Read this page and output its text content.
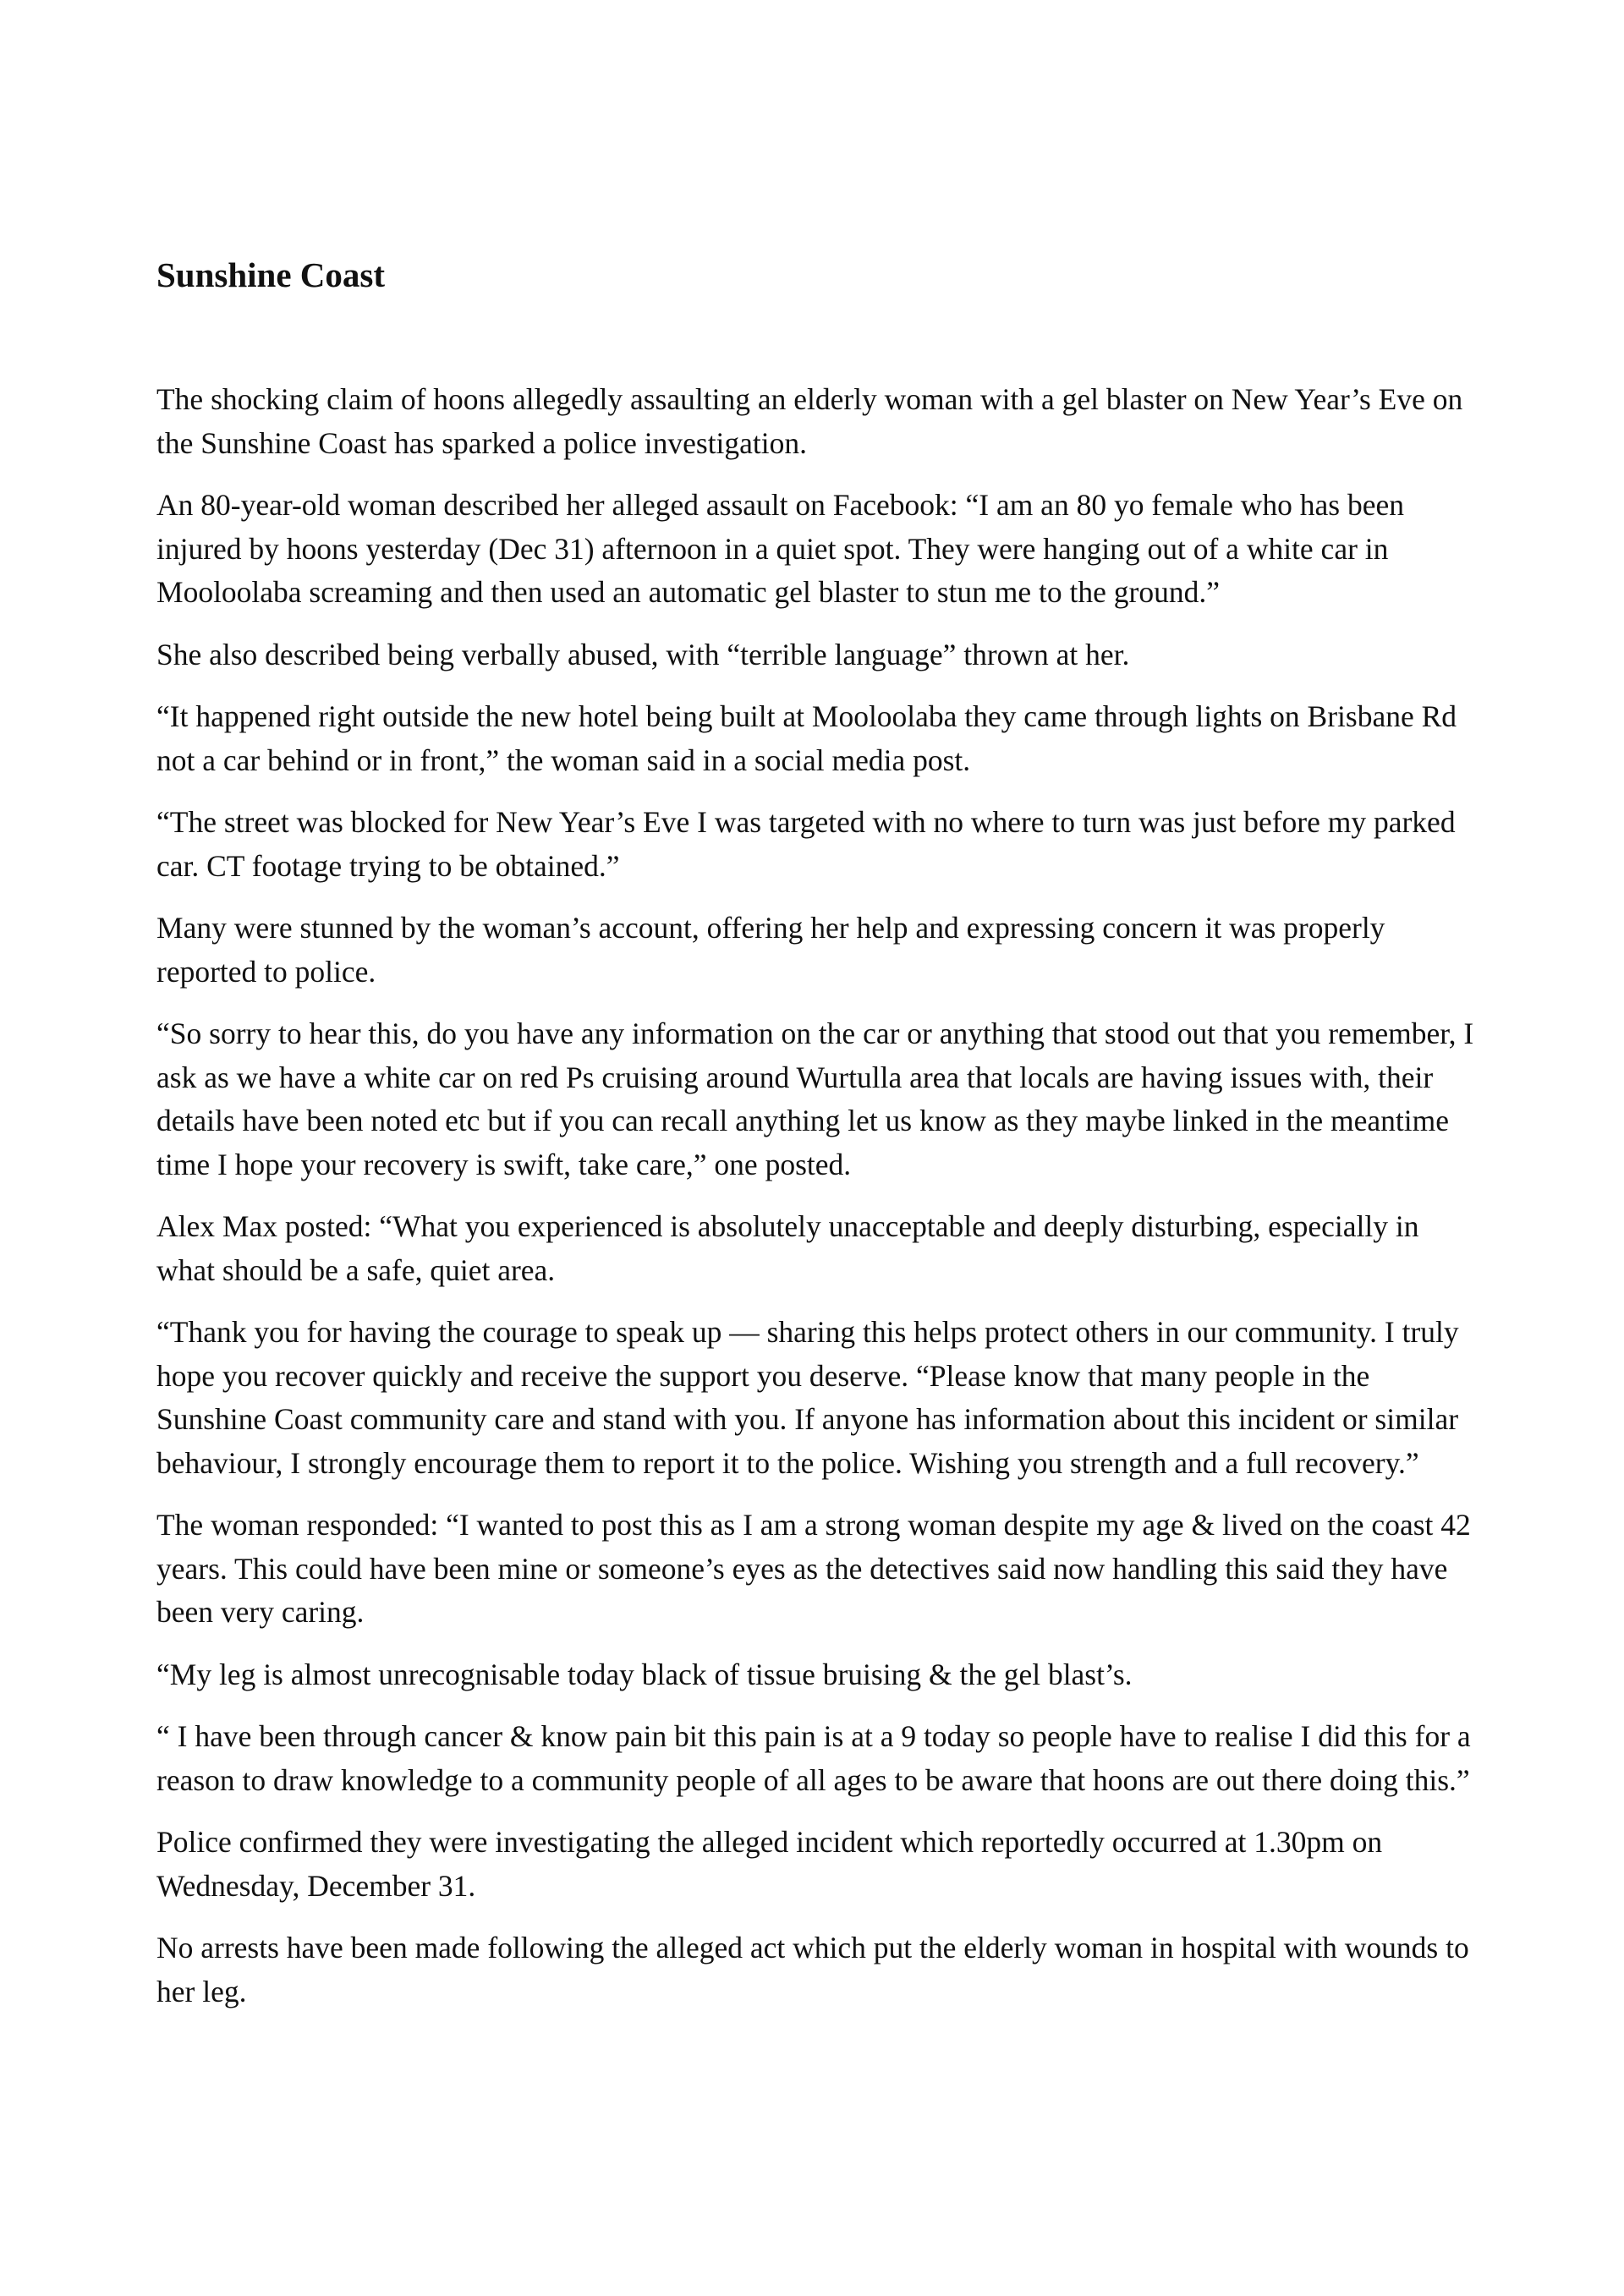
Sunshine Coast

The shocking claim of hoons allegedly assaulting an elderly woman with a gel blaster on New Year’s Eve on the Sunshine Coast has sparked a police investigation.

An 80-year-old woman described her alleged assault on Facebook: “I am an 80 yo female who has been injured by hoons yesterday (Dec 31) afternoon in a quiet spot. They were hanging out of a white car in Mooloolaba screaming and then used an automatic gel blaster to stun me to the ground.”

She also described being verbally abused, with “terrible language” thrown at her.

“It happened right outside the new hotel being built at Mooloolaba they came through lights on Brisbane Rd not a car behind or in front,” the woman said in a social media post.

“The street was blocked for New Year’s Eve I was targeted with no where to turn was just before my parked car. CT footage trying to be obtained.”

Many were stunned by the woman’s account, offering her help and expressing concern it was properly reported to police.

“So sorry to hear this, do you have any information on the car or anything that stood out that you remember, I ask as we have a white car on red Ps cruising around Wurtulla area that locals are having issues with, their details have been noted etc but if you can recall anything let us know as they maybe linked in the meantime time I hope your recovery is swift, take care,” one posted.

Alex Max posted: “What you experienced is absolutely unacceptable and deeply disturbing, especially in what should be a safe, quiet area.

“Thank you for having the courage to speak up — sharing this helps protect others in our community. I truly hope you recover quickly and receive the support you deserve. “Please know that many people in the Sunshine Coast community care and stand with you. If anyone has information about this incident or similar behaviour, I strongly encourage them to report it to the police. Wishing you strength and a full recovery.”

The woman responded: “I wanted to post this as I am a strong woman despite my age & lived on the coast 42 years. This could have been mine or someone’s eyes as the detectives said now handling this said they have been very caring.

“My leg is almost unrecognisable today black of tissue bruising & the gel blast’s.

“ I have been through cancer & know pain bit this pain is at a 9 today so people have to realise I did this for a reason to draw knowledge to a community people of all ages to be aware that hoons are out there doing this.”

Police confirmed they were investigating the alleged incident which reportedly occurred at 1.30pm on Wednesday, December 31.

No arrests have been made following the alleged act which put the elderly woman in hospital with wounds to her leg.
